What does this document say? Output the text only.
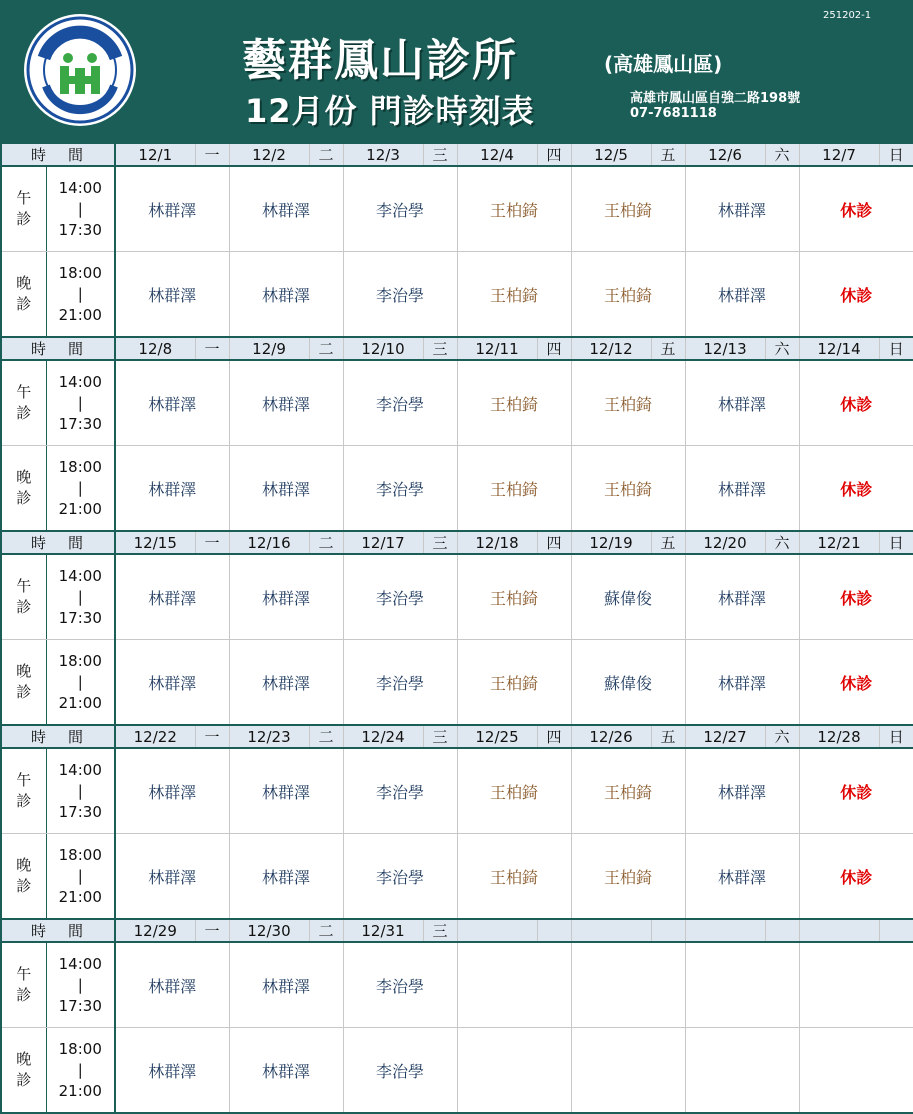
藝群鳳山診所
12月份 門診時刻表
(高雄鳳山區)
高雄市鳳山區自強二路198號
07-7681118
251202-1
時間		12/1	一	12/2	二	12/3	三	12/4	四	12/5	五	12/6	六	12/7	日
午
診	14:00
|
17:30	林群澤		林群澤		李治學		王柏錡		王柏錡		林群澤		休診	
晚
診	18:00
|
21:00	林群澤		林群澤		李治學		王柏錡		王柏錡		林群澤		休診	
時間		12/8	一	12/9	二	12/10	三	12/11	四	12/12	五	12/13	六	12/14	日
午
診	14:00
|
17:30	林群澤		林群澤		李治學		王柏錡		王柏錡		林群澤		休診	
晚
診	18:00
|
21:00	林群澤		林群澤		李治學		王柏錡		王柏錡		林群澤		休診	
時間		12/15	一	12/16	二	12/17	三	12/18	四	12/19	五	12/20	六	12/21	日
午
診	14:00
|
17:30	林群澤		林群澤		李治學		王柏錡		蘇偉俊		林群澤		休診	
晚
診	18:00
|
21:00	林群澤		林群澤		李治學		王柏錡		蘇偉俊		林群澤		休診	
時間		12/22	一	12/23	二	12/24	三	12/25	四	12/26	五	12/27	六	12/28	日
午
診	14:00
|
17:30	林群澤		林群澤		李治學		王柏錡		王柏錡		林群澤		休診	
晚
診	18:00
|
21:00	林群澤		林群澤		李治學		王柏錡		王柏錡		林群澤		休診	
時間		12/29	一	12/30	二	12/31	三								
午
診	14:00
|
17:30	林群澤		林群澤		李治學									
晚
診	18:00
|
21:00	林群澤		林群澤		李治學									
